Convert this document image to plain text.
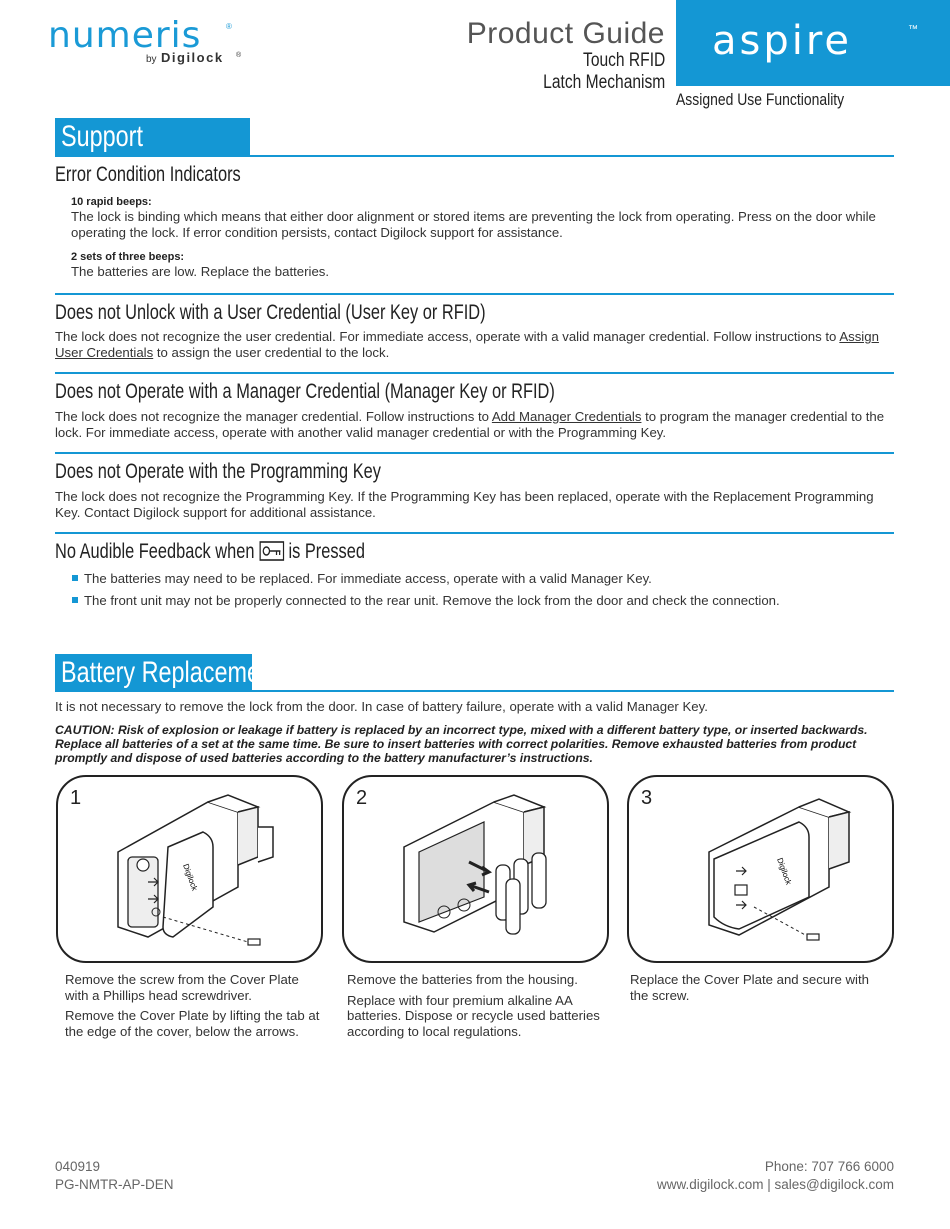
numeris	®
by Digilock ®
Product Guide
Touch RFID
Latch Mechanism
aspire	™
Assigned Use Functionality
Support
Error Condition Indicators
10 rapid beeps:
The lock is binding which means that either door alignment or stored items are preventing the lock from operating. Press on the door while operating the lock. If error condition persists, contact Digilock support for assistance.
2 sets of three beeps:
The batteries are low. Replace the batteries.
Does not Unlock with a User Credential (User Key or RFID)
The lock does not recognize the user credential. For immediate access, operate with a valid manager credential. Follow instructions to Assign User Credentials to assign the user credential to the lock.
Does not Operate with a Manager Credential (Manager Key or RFID)
The lock does not recognize the manager credential. Follow instructions to Add Manager Credentials to program the manager credential to the lock. For immediate access, operate with another valid manager credential or with the Programming Key.
Does not Operate with the Programming Key
The lock does not recognize the Programming Key. If the Programming Key has been replaced, operate with the Replacement Programming Key. Contact Digilock support for additional assistance.
No Audible Feedback when is Pressed
The batteries may need to be replaced. For immediate access, operate with a valid Manager Key.
The front unit may not be properly connected to the rear unit. Remove the lock from the door and check the connection.
Battery Replacement
It is not necessary to remove the lock from the door. In case of battery failure, operate with a valid Manager Key.
CAUTION: Risk of explosion or leakage if battery is replaced by an incorrect type, mixed with a different battery type, or inserted backwards. Replace all batteries of a set at the same time. Be sure to insert batteries with correct polarities. Remove exhausted batteries from product promptly and dispose of used batteries according to the battery manufacturer’s instructions.
1
Digilock

Remove the screw from the Cover Plate with a Phillips head screwdriver.

Remove the Cover Plate by lifting the tab at the edge of the cover, below the arrows.

2

Remove the batteries from the housing.

Replace with four premium alkaline AA batteries. Dispose or recycle used batteries according to local regulations.

3
Digilock

Replace the Cover Plate and secure with the screw.

040919
PG-NMTR-AP-DEN
Phone: 707 766 6000
www.digilock.com | sales@digilock.com
